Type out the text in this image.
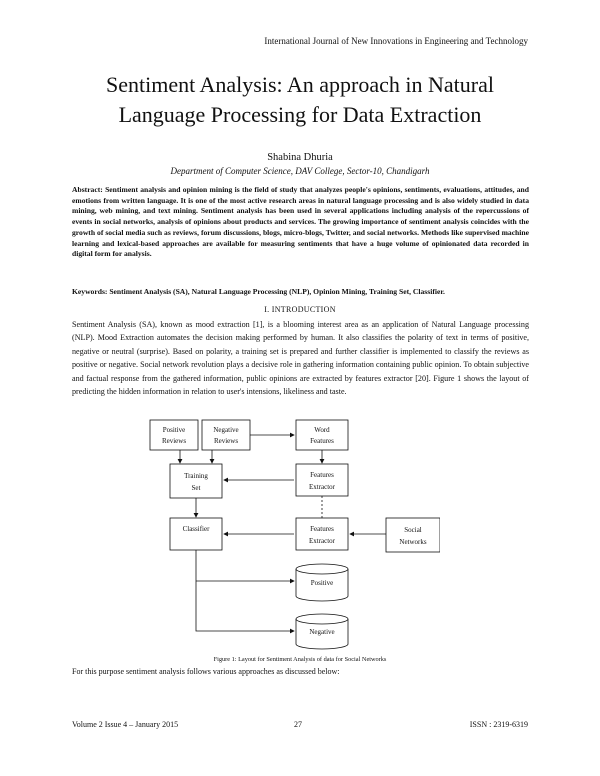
International Journal of New Innovations in Engineering and Technology
Sentiment Analysis: An approach in Natural
Language Processing for Data Extraction
Shabina Dhuria
Department of Computer Science, DAV College, Sector-10, Chandigarh
Abstract: Sentiment analysis and opinion mining is the field of study that analyzes people's opinions, sentiments, evaluations, attitudes, and emotions from written language. It is one of the most active research areas in natural language processing and is also widely studied in data mining, web mining, and text mining. Sentiment analysis has been used in several applications including analysis of the repercussions of events in social networks, analysis of opinions about products and services. The growing importance of sentiment analysis coincides with the growth of social media such as reviews, forum discussions, blogs, micro-blogs, Twitter, and social networks. Methods like supervised machine learning and lexical-based approaches are available for measuring sentiments that have a huge volume of opinionated data recorded in digital form for analysis.
Keywords: Sentiment Analysis (SA), Natural Language Processing (NLP), Opinion Mining, Training Set, Classifier.
I. INTRODUCTION
Sentiment Analysis (SA), known as mood extraction [1], is a blooming interest area as an application of Natural Language processing (NLP). Mood Extraction automates the decision making performed by human. It also classifies the polarity of text in terms of positive, negative or neutral (surprise). Based on polarity, a training set is prepared and further classifier is implemented to classify the reviews as positive or negative. Social network revolution plays a decisive role in gathering information containing public opinion. To obtain subjective and factual response from the gathered information, public opinions are extracted by features extractor [20]. Figure 1 shows the layout of predicting the hidden information in relation to user's intensions, likeliness and taste.
Positive
Reviews
Negative
Reviews
Word
Features
Training
Set
Features
Extractor
Classifier	Features
Extractor
Social
Networks
Positive
Negative
Figure 1: Layout for Sentiment Analysis of data for Social Networks
For this purpose sentiment analysis follows various approaches as discussed below:
Volume 2 Issue 4 – January 2015	27	ISSN : 2319-6319
